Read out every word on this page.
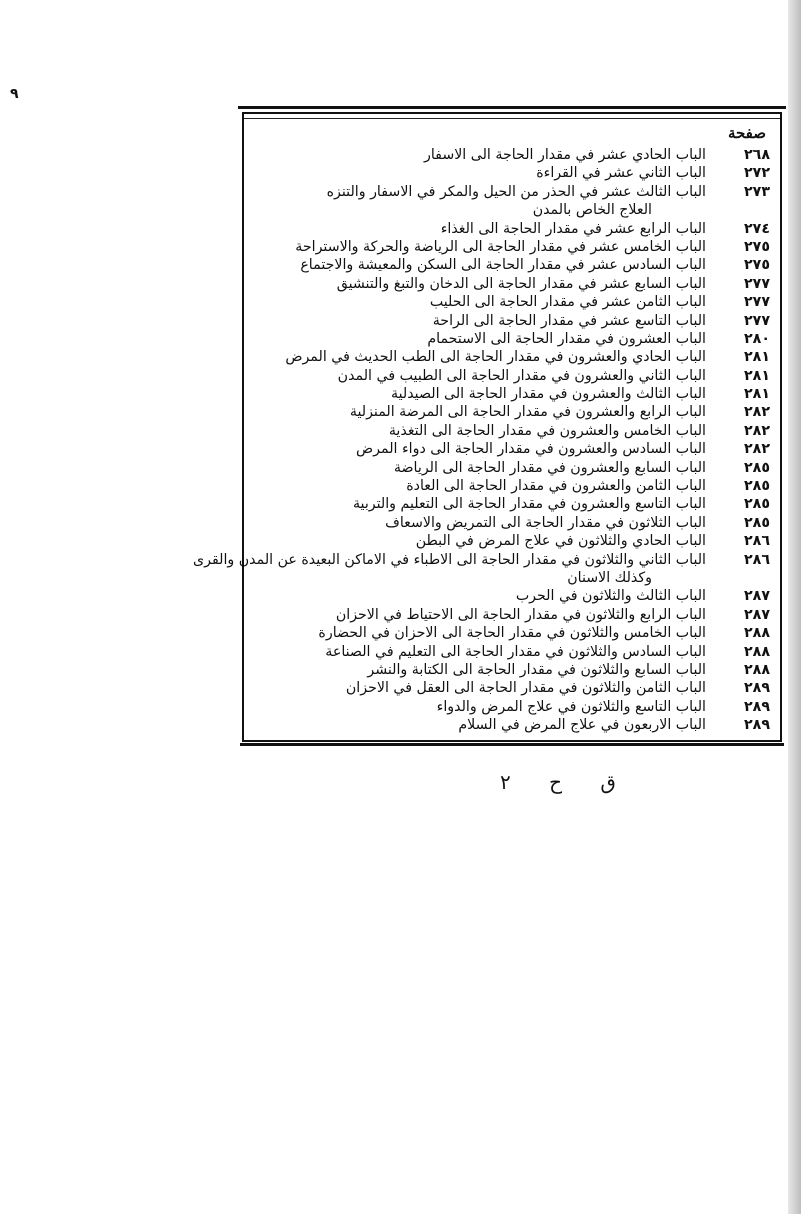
٩
صفحة
٢٦٨
الباب الحادي عشر في مقدار الحاجة الى الاسفار
٢٧٢
الباب الثاني عشر في القراءة
٢٧٣
الباب الثالث عشر في الحذر من الحيل والمكر في الاسفار والتنزه
العلاج الخاص بالمدن
٢٧٤
الباب الرابع عشر في مقدار الحاجة الى الغذاء
٢٧٥
الباب الخامس عشر في مقدار الحاجة الى الرياضة والحركة والاستراحة
٢٧٥
الباب السادس عشر في مقدار الحاجة الى السكن والمعيشة والاجتماع
٢٧٧
الباب السابع عشر في مقدار الحاجة الى الدخان والتبغ والتنشيق
٢٧٧
الباب الثامن عشر في مقدار الحاجة الى الحليب
٢٧٧
الباب التاسع عشر في مقدار الحاجة الى الراحة
٢٨٠
الباب العشرون في مقدار الحاجة الى الاستحمام
٢٨١
الباب الحادي والعشرون في مقدار الحاجة الى الطب الحديث في المرض
٢٨١
الباب الثاني والعشرون في مقدار الحاجة الى الطبيب في المدن
٢٨١
الباب الثالث والعشرون في مقدار الحاجة الى الصيدلية
٢٨٢
الباب الرابع والعشرون في مقدار الحاجة الى المرضة المنزلية
٢٨٢
الباب الخامس والعشرون في مقدار الحاجة الى التغذية
٢٨٢
الباب السادس والعشرون في مقدار الحاجة الى دواء المرض
٢٨٥
الباب السابع والعشرون في مقدار الحاجة الى الرياضة
٢٨٥
الباب الثامن والعشرون في مقدار الحاجة الى العادة
٢٨٥
الباب التاسع والعشرون في مقدار الحاجة الى التعليم والتربية
٢٨٥
الباب الثلاثون في مقدار الحاجة الى التمريض والاسعاف
٢٨٦
الباب الحادي والثلاثون في علاج المرض في البطن
٢٨٦
الباب الثاني والثلاثون في مقدار الحاجة الى الاطباء في الاماكن البعيدة عن المدن والقرى
وكذلك الاسنان
٢٨٧
الباب الثالث والثلاثون في الحرب
٢٨٧
الباب الرابع والثلاثون في مقدار الحاجة الى الاحتياط في الاحزان
٢٨٨
الباب الخامس والثلاثون في مقدار الحاجة الى الاحزان في الحضارة
٢٨٨
الباب السادس والثلاثون في مقدار الحاجة الى التعليم في الصناعة
٢٨٨
الباب السابع والثلاثون في مقدار الحاجة الى الكتابة والنشر
٢٨٩
الباب الثامن والثلاثون في مقدار الحاجة الى العقل في الاحزان
٢٨٩
الباب التاسع والثلاثون في علاج المرض والدواء
٢٨٩
الباب الاربعون في علاج المرض في السلام
ق ح ٢
